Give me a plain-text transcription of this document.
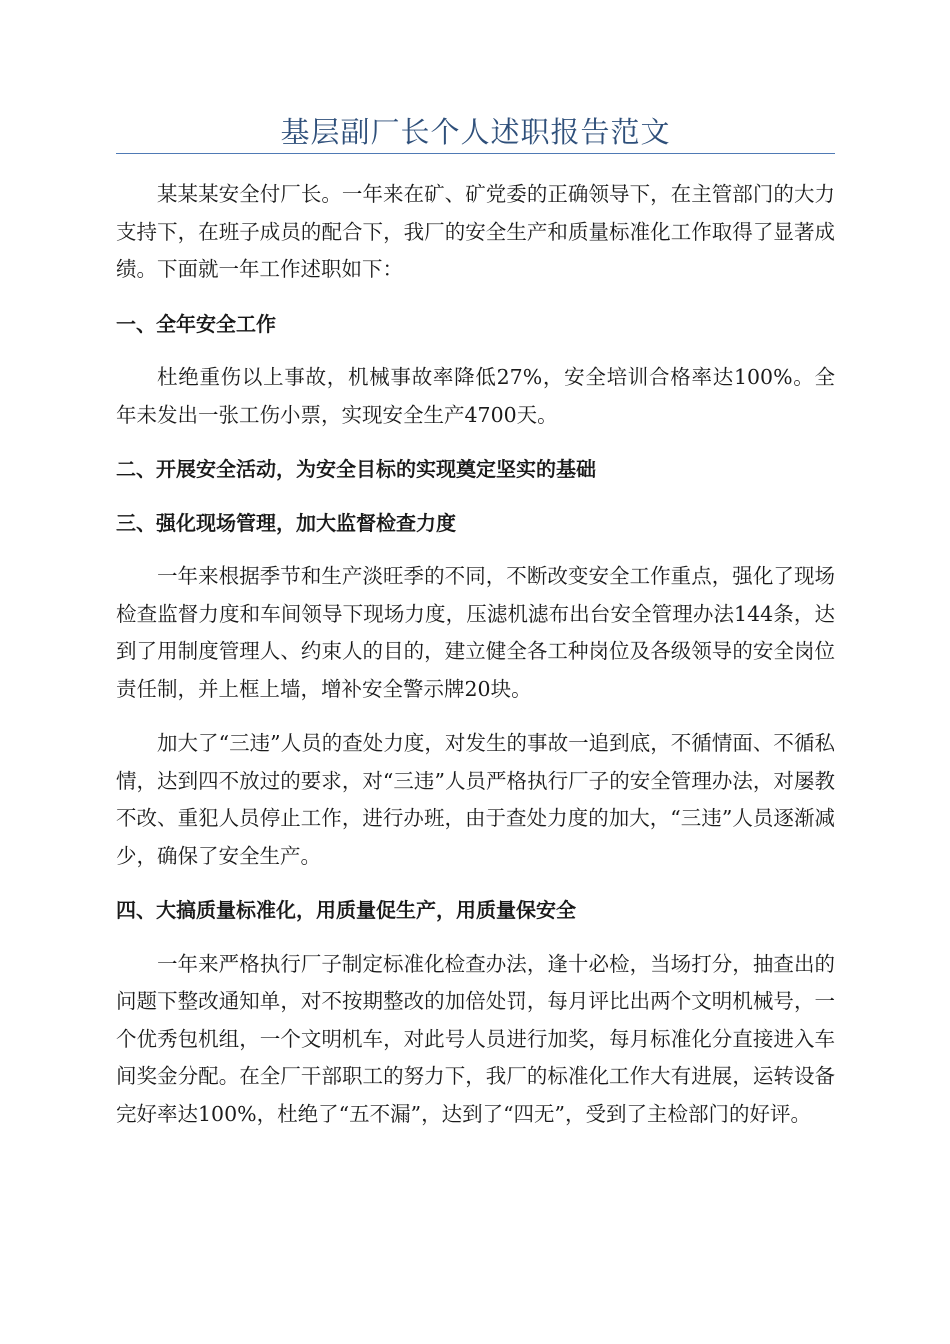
基层副厂长个人述职报告范文

某某某安全付厂长。一年来在矿、矿党委的正确领导下，在主管部门的大力支持下，在班子成员的配合下，我厂的安全生产和质量标准化工作取得了显著成绩。下面就一年工作述职如下：

一、全年安全工作

杜绝重伤以上事故，机械事故率降低27%，安全培训合格率达100%。全年未发出一张工伤小票，实现安全生产4700天。

二、开展安全活动，为安全目标的实现奠定坚实的基础

三、强化现场管理，加大监督检查力度

一年来根据季节和生产淡旺季的不同，不断改变安全工作重点，强化了现场检查监督力度和车间领导下现场力度，压滤机滤布出台安全管理办法144条，达到了用制度管理人、约束人的目的，建立健全各工种岗位及各级领导的安全岗位责任制，并上框上墙，增补安全警示牌20块。

加大了“三违”人员的查处力度，对发生的事故一追到底，不循情面、不循私情，达到四不放过的要求，对“三违”人员严格执行厂子的安全管理办法，对屡教不改、重犯人员停止工作，进行办班，由于查处力度的加大，“三违”人员逐渐减少，确保了安全生产。

四、大搞质量标准化，用质量促生产，用质量保安全

一年来严格执行厂子制定标准化检查办法，逢十必检，当场打分，抽查出的问题下整改通知单，对不按期整改的加倍处罚，每月评比出两个文明机械号，一个优秀包机组，一个文明机车，对此号人员进行加奖，每月标准化分直接进入车间奖金分配。在全厂干部职工的努力下，我厂的标准化工作大有进展，运转设备完好率达100%，杜绝了“五不漏”，达到了“四无”，受到了主检部门的好评。
